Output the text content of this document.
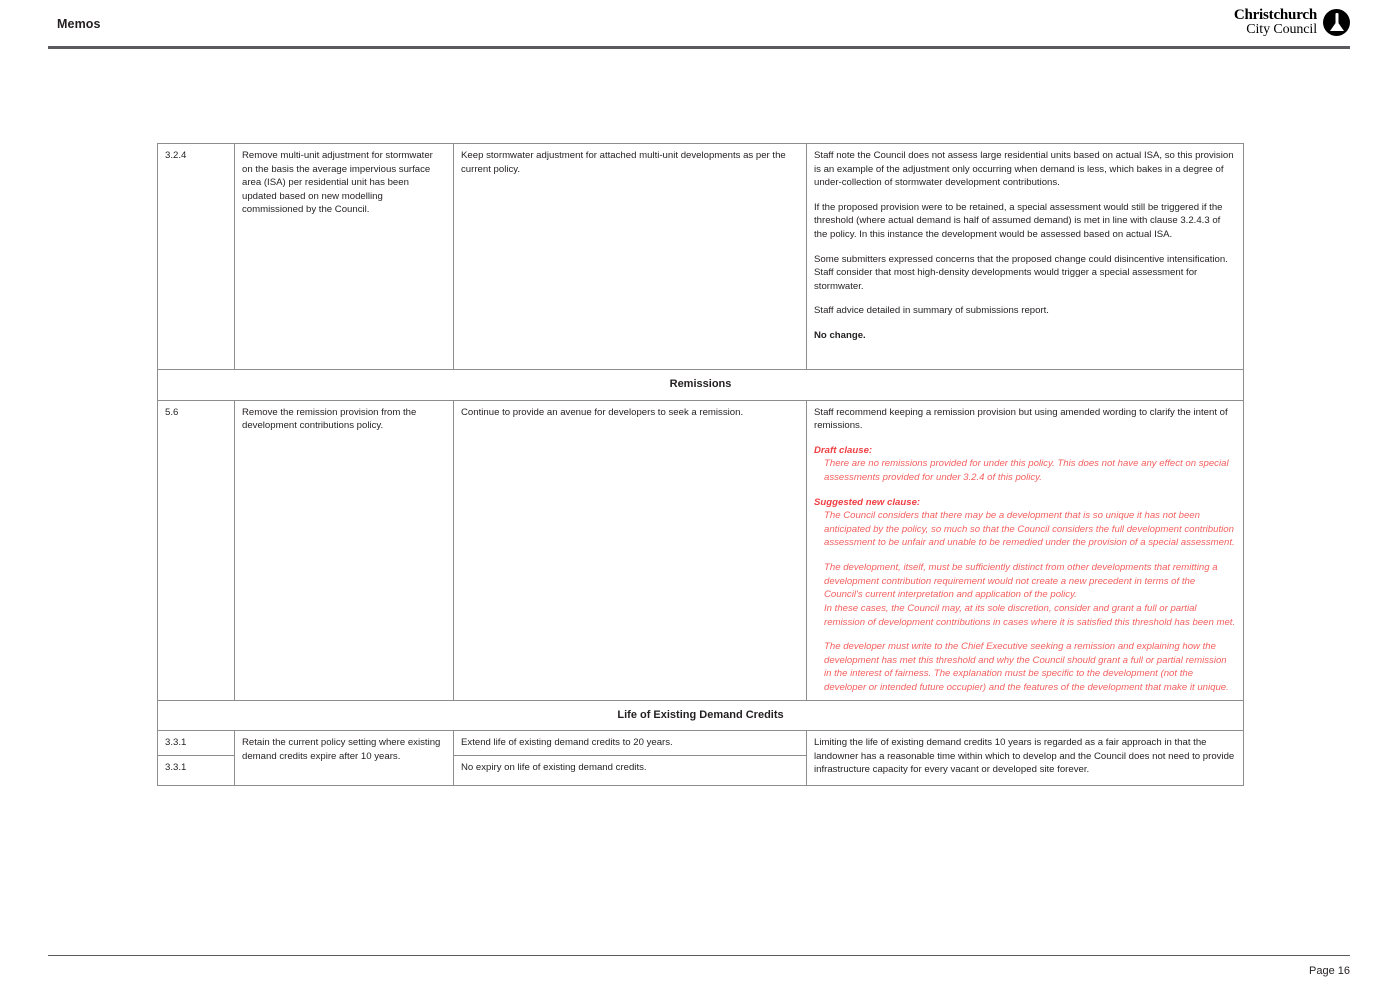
Memos
Christchurch
City Council
3.2.4	Remove multi-unit adjustment for stormwater on the basis the average impervious surface area (ISA) per residential unit has been updated based on new modelling commissioned by the Council.	Keep stormwater adjustment for attached multi-unit developments as per the current policy.	Staff note the Council does not assess large residential units based on actual ISA, so this provision is an example of the adjustment only occurring when demand is less, which bakes in a degree of under-collection of stormwater development contributions.

If the proposed provision were to be retained, a special assessment would still be triggered if the threshold (where actual demand is half of assumed demand) is met in line with clause 3.2.4.3 of the policy. In this instance the development would be assessed based on actual ISA.

Some submitters expressed concerns that the proposed change could disincentive intensification. Staff consider that most high-density developments would trigger a special assessment for stormwater.

Staff advice detailed in summary of submissions report.

No change.

Remissions			
5.6	Remove the remission provision from the development contributions policy.	Continue to provide an avenue for developers to seek a remission.	Staff recommend keeping a remission provision but using amended wording to clarify the intent of remissions.

Draft clause:

There are no remissions provided for under this policy. This does not have any effect on special assessments provided for under 3.2.4 of this policy.

Suggested new clause:

The Council considers that there may be a development that is so unique it has not been anticipated by the policy, so much so that the Council considers the full development contribution assessment to be unfair and unable to be remedied under the provision of a special assessment.

The development, itself, must be sufficiently distinct from other developments that remitting a development contribution requirement would not create a new precedent in terms of the Council's current interpretation and application of the policy.

In these cases, the Council may, at its sole discretion, consider and grant a full or partial remission of development contributions in cases where it is satisfied this threshold has been met.

The developer must write to the Chief Executive seeking a remission and explaining how the development has met this threshold and why the Council should grant a full or partial remission in the interest of fairness. The explanation must be specific to the development (not the developer or intended future occupier) and the features of the development that make it unique.

Life of Existing Demand Credits			
3.3.1	Retain the current policy setting where existing demand credits expire after 10 years.	Extend life of existing demand credits to 20 years.	Limiting the life of existing demand credits 10 years is regarded as a fair approach in that the landowner has a reasonable time within which to develop and the Council does not need to provide infrastructure capacity for every vacant or developed site forever.
3.3.1		No expiry on life of existing demand credits.	
Page 16
